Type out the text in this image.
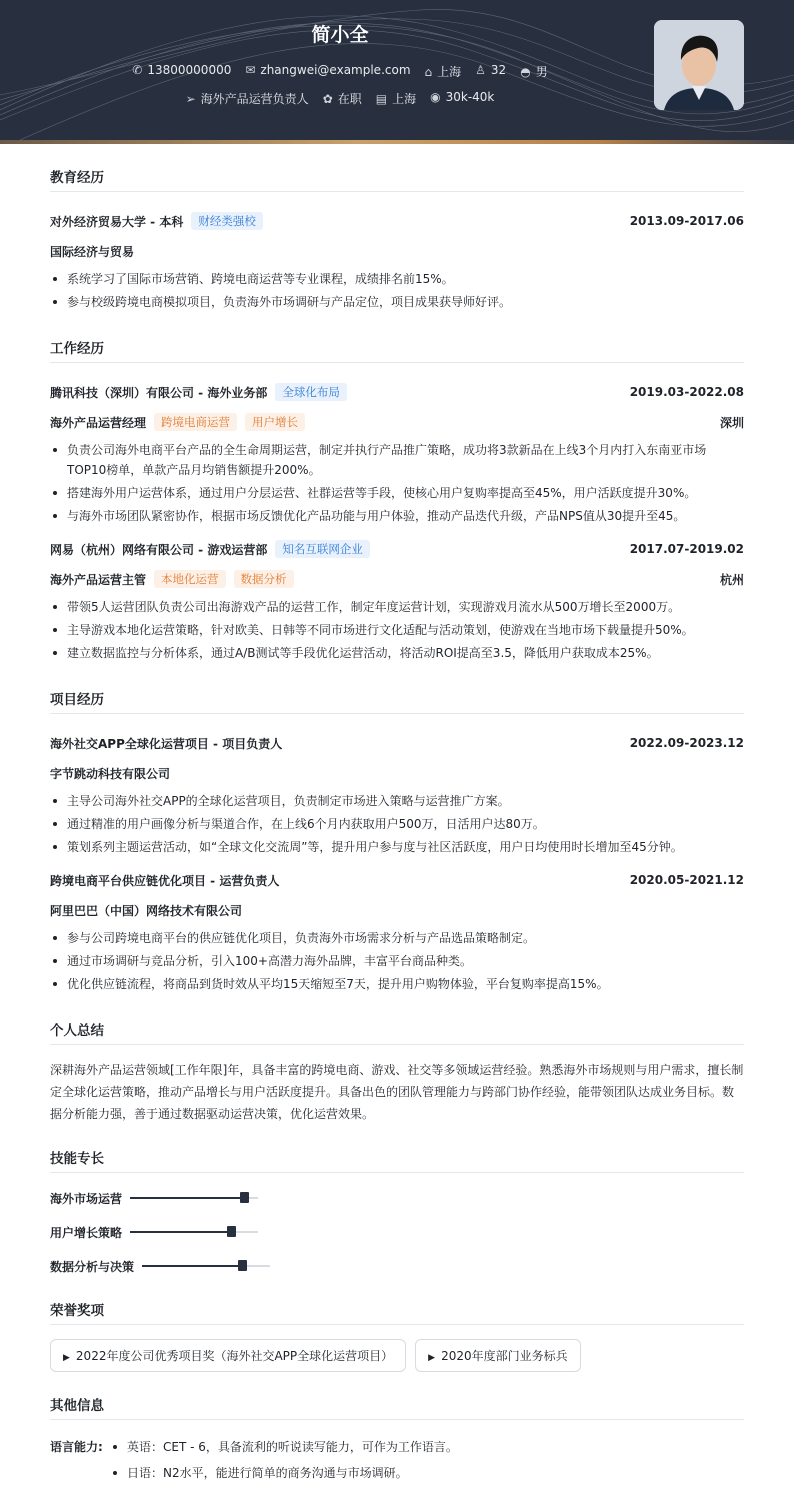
简小全
✆ 13800000000 ✉ zhangwei@example.com ⌂ 上海 ♙ 32 ◓ 男
➢ 海外产品运营负责人 ✿ 在职 ▤ 上海 ◉ 30k-40k
教育经历
对外经济贸易大学 - 本科	财经类强校	2013.09-2017.06
国际经济与贸易
系统学习了国际市场营销、跨境电商运营等专业课程，成绩排名前15%。
参与校级跨境电商模拟项目，负责海外市场调研与产品定位，项目成果获导师好评。
工作经历
腾讯科技（深圳）有限公司 - 海外业务部	全球化布局	2019.03-2022.08
海外产品运营经理	跨境电商运营	用户增长	深圳
负责公司海外电商平台产品的全生命周期运营，制定并执行产品推广策略，成功将3款新品在上线3个月内打入东南亚市场TOP10榜单，单款产品月均销售额提升200%。
搭建海外用户运营体系，通过用户分层运营、社群运营等手段，使核心用户复购率提高至45%，用户活跃度提升30%。
与海外市场团队紧密协作，根据市场反馈优化产品功能与用户体验，推动产品迭代升级，产品NPS值从30提升至45。
网易（杭州）网络有限公司 - 游戏运营部	知名互联网企业	2017.07-2019.02
海外产品运营主管	本地化运营	数据分析	杭州
带领5人运营团队负责公司出海游戏产品的运营工作，制定年度运营计划，实现游戏月流水从500万增长至2000万。
主导游戏本地化运营策略，针对欧美、日韩等不同市场进行文化适配与活动策划，使游戏在当地市场下载量提升50%。
建立数据监控与分析体系，通过A/B测试等手段优化运营活动，将活动ROI提高至3.5，降低用户获取成本25%。
项目经历
海外社交APP全球化运营项目 - 项目负责人	2022.09-2023.12
字节跳动科技有限公司
主导公司海外社交APP的全球化运营项目，负责制定市场进入策略与运营推广方案。
通过精准的用户画像分析与渠道合作，在上线6个月内获取用户500万，日活用户达80万。
策划系列主题运营活动，如“全球文化交流周”等，提升用户参与度与社区活跃度，用户日均使用时长增加至45分钟。
跨境电商平台供应链优化项目 - 运营负责人	2020.05-2021.12
阿里巴巴（中国）网络技术有限公司
参与公司跨境电商平台的供应链优化项目，负责海外市场需求分析与产品选品策略制定。
通过市场调研与竞品分析，引入100+高潜力海外品牌，丰富平台商品种类。
优化供应链流程，将商品到货时效从平均15天缩短至7天，提升用户购物体验，平台复购率提高15%。
个人总结
深耕海外产品运营领域[工作年限]年，具备丰富的跨境电商、游戏、社交等多领域运营经验。熟悉海外市场规则与用户需求，擅长制定全球化运营策略，推动产品增长与用户活跃度提升。具备出色的团队管理能力与跨部门协作经验，能带领团队达成业务目标。数据分析能力强，善于通过数据驱动运营决策，优化运营效果。
技能专长
海外市场运营
用户增长策略
数据分析与决策
荣誉奖项
▶ 2022年度公司优秀项目奖（海外社交APP全球化运营项目）	▶ 2020年度部门业务标兵
其他信息
语言能力:	英语：CET - 6，具备流利的听说读写能力，可作为工作语言。
日语：N2水平，能进行简单的商务沟通与市场调研。
